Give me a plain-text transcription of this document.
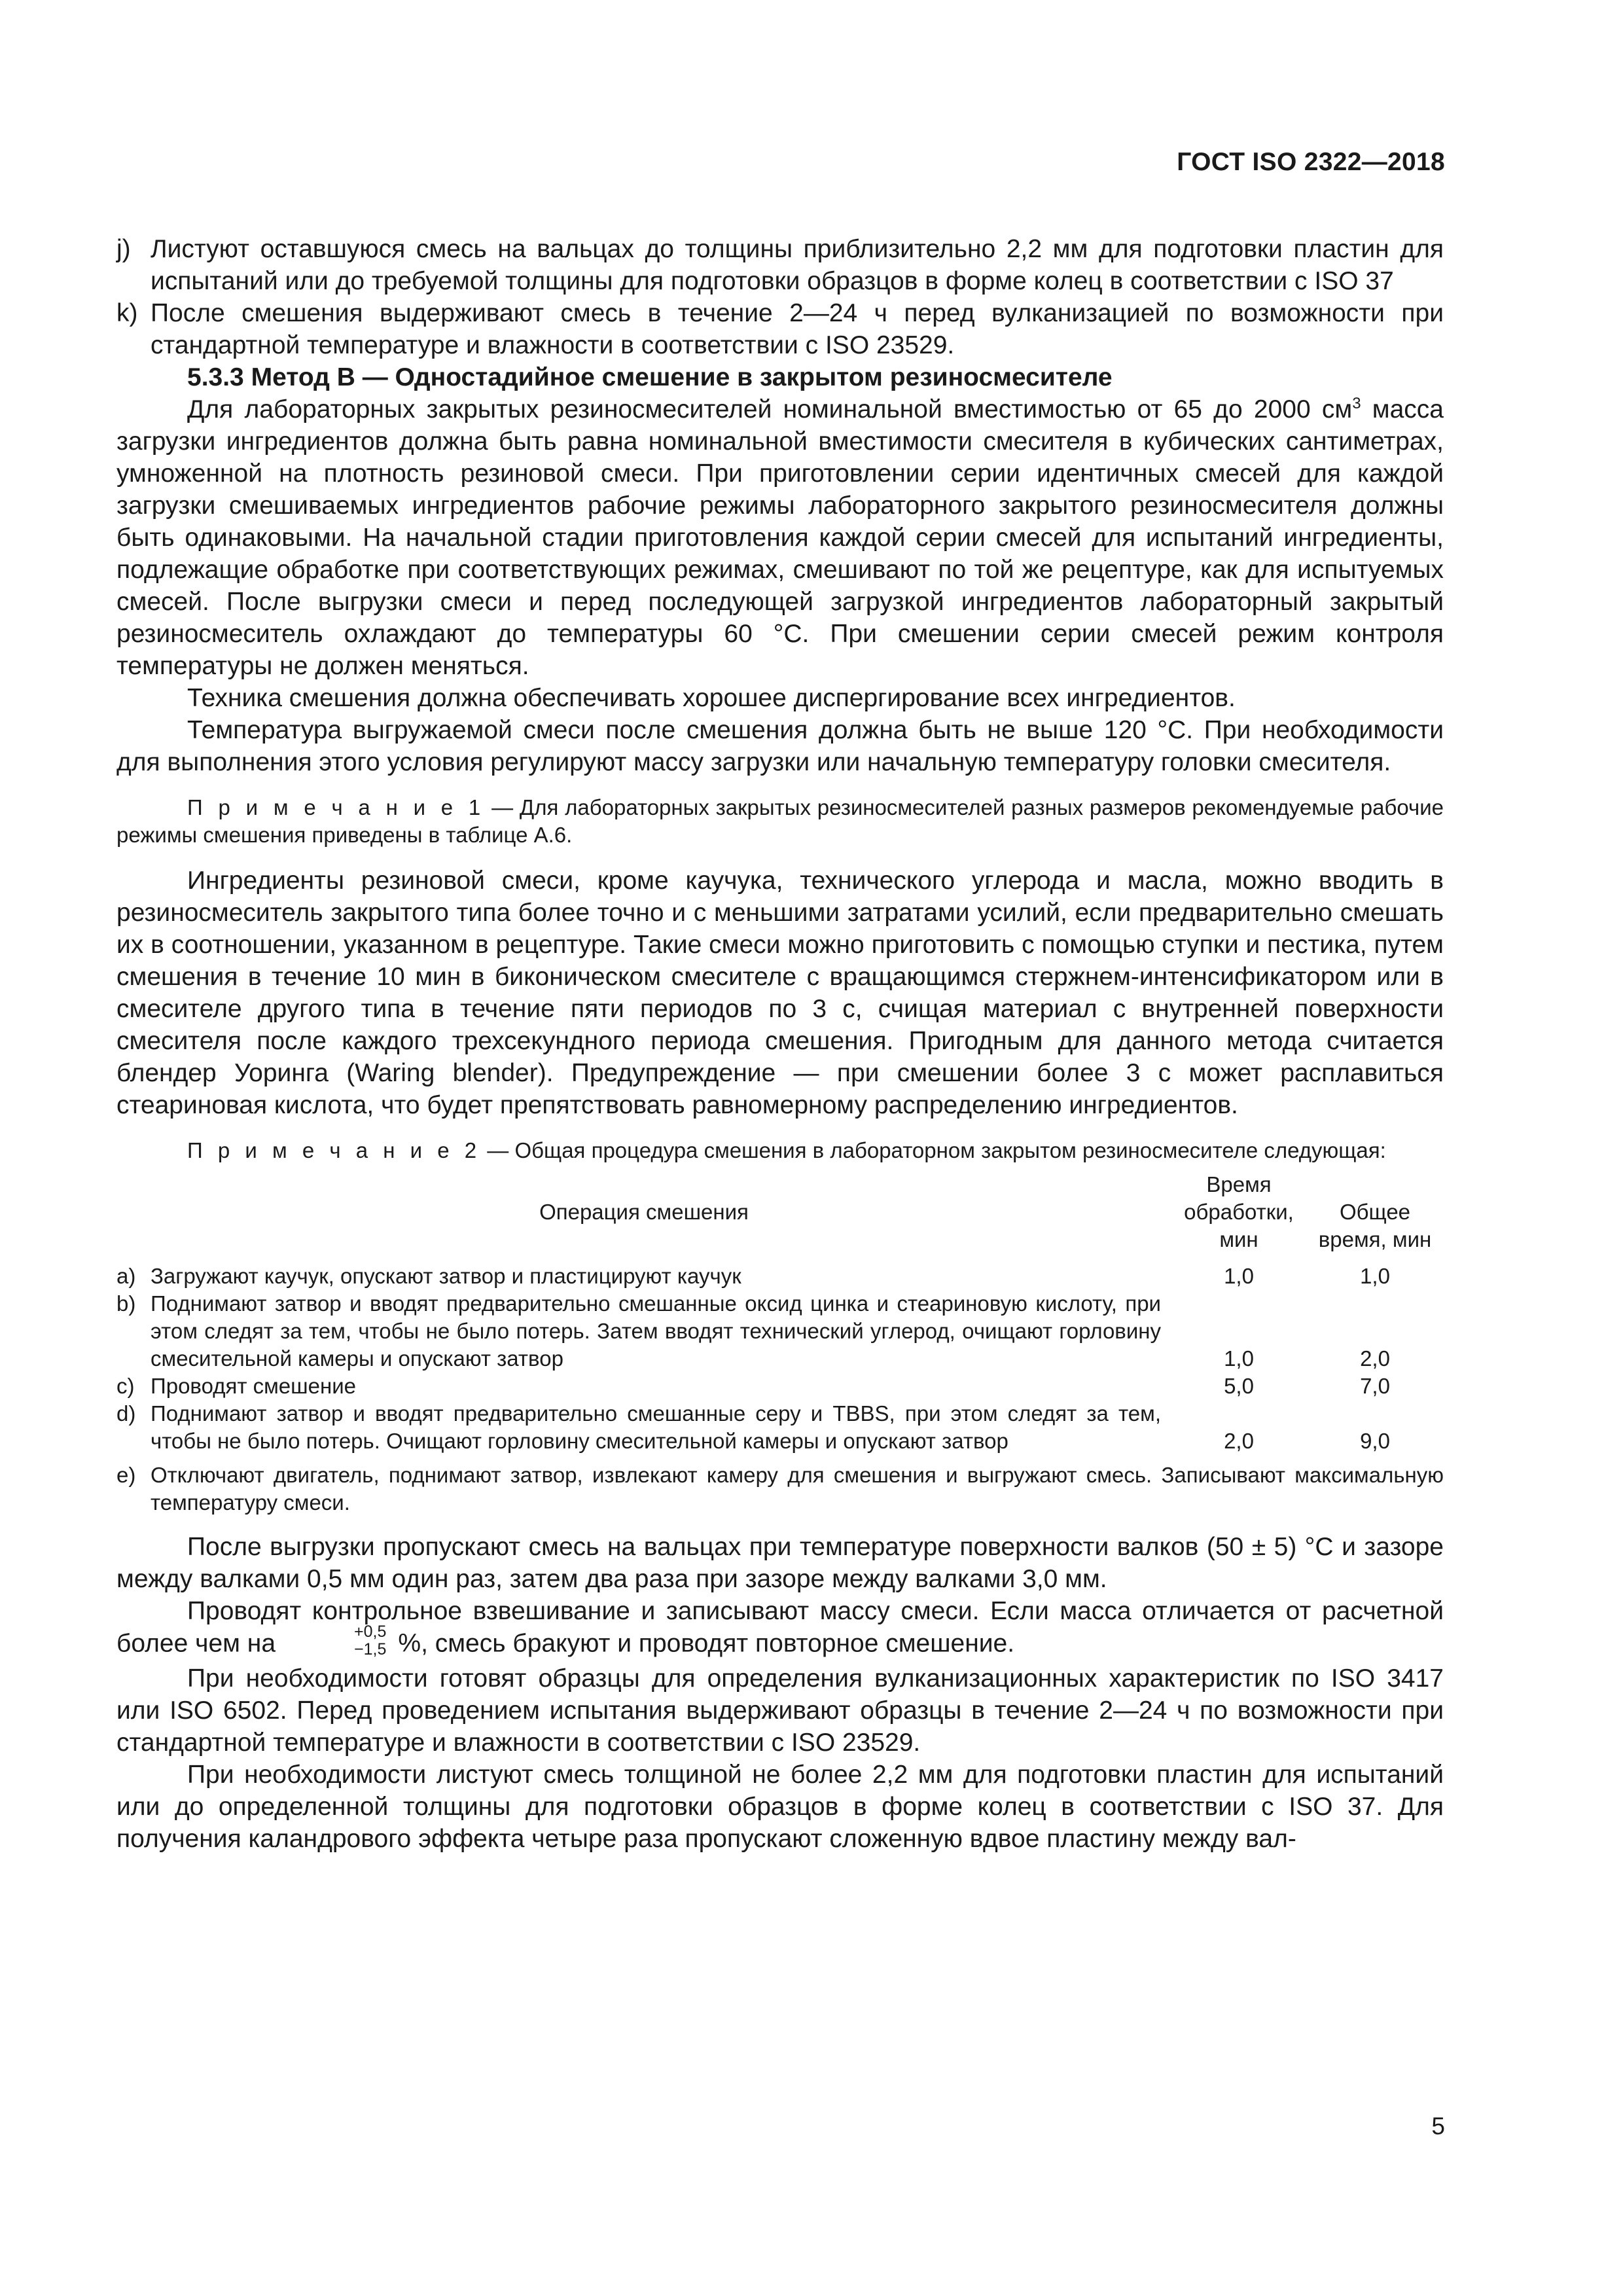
ГОСТ ISO 2322—2018
j) Листуют оставшуюся смесь на вальцах до толщины приблизительно 2,2 мм для подготовки пластин для испытаний или до требуемой толщины для подготовки образцов в форме колец в соответствии с ISO 37
k) После смешения выдерживают смесь в течение 2—24 ч перед вулканизацией по возможности при стандартной температуре и влажности в соответствии с ISO 23529.

5.3.3 Метод В — Одностадийное смешение в закрытом резиносмесителе

Для лабораторных закрытых резиносмесителей номинальной вместимостью от 65 до 2000 $см^3$ масса загрузки ингредиентов должна быть равна номинальной вместимости смесителя в кубических сантиметрах, умноженной на плотность резиновой смеси. При приготовлении серии идентичных смесей для каждой загрузки смешиваемых ингредиентов рабочие режимы лабораторного закрытого резиносмесителя должны быть одинаковыми. На начальной стадии приготовления каждой серии смесей для испытаний ингредиенты, подлежащие обработке при соответствующих режимах, смешивают по той же рецептуре, как для испытуемых смесей. После выгрузки смеси и перед последующей загрузкой ингредиентов лабораторный закрытый резиносмеситель охлаждают до температуры 60 °C. При смешении серии смесей режим контроля температуры не должен меняться.

Техника смешения должна обеспечивать хорошее диспергирование всех ингредиентов.

Температура выгружаемой смеси после смешения должна быть не выше 120 °C. При необходимости для выполнения этого условия регулируют массу загрузки или начальную температуру головки смесителя.

П р и м е ч а н и е 1 — Для лабораторных закрытых резиносмесителей разных размеров рекомендуемые рабочие режимы смешения приведены в таблице А.6.

Ингредиенты резиновой смеси, кроме каучука, технического углерода и масла, можно вводить в резиносмеситель закрытого типа более точно и с меньшими затратами усилий, если предварительно смешать их в соотношении, указанном в рецептуре. Такие смеси можно приготовить с помощью ступки и пестика, путем смешения в течение 10 мин в биконическом смесителе с вращающимся стержнем-интенсификатором или в смесителе другого типа в течение пяти периодов по 3 с, счищая материал с внутренней поверхности смесителя после каждого трехсекундного периода смешения. Пригодным для данного метода считается блендер Уоринга (Waring blender). Предупреждение — при смешении более 3 с может расплавиться стеариновая кислота, что будет препятствовать равномерному распределению ингредиентов.

П р и м е ч а н и е 2 — Общая процедура смешения в лабораторном закрытом резиносмесителе следующая:

Операция смешения	Время обработки, мин	Общее время, мин

a) Загружают каучук, опускают затвор и пластицируют каучук	1,0	1,0

b) Поднимают затвор и вводят предварительно смешанные оксид цинка и стеариновую кислоту, при этом следят за тем, чтобы не было потерь. Затем вводят технический углерод, очищают горловину смесительной камеры и опускают затвор	1,0	2,0

c) Проводят смешение	5,0	7,0

d) Поднимают затвор и вводят предварительно смешанные серу и TBBS, при этом следят за тем, чтобы не было потерь. Очищают горловину смесительной камеры и опускают затвор	2,0	9,0
e) Отключают двигатель, поднимают затвор, извлекают камеру для смешения и выгружают смесь. Записывают максимальную температуру смеси.

После выгрузки пропускают смесь на вальцах при температуре поверхности валков (50 ± 5) °C и зазоре между валками 0,5 мм один раз, затем два раза при зазоре между валками 3,0 мм.

Проводят контрольное взвешивание и записывают массу смеси. Если масса отличается от расчетной более чем на	+0,5
−1,5 %, смесь бракуют и проводят повторное смешение.

При необходимости готовят образцы для определения вулканизационных характеристик по ISO 3417 или ISO 6502. Перед проведением испытания выдерживают образцы в течение 2—24 ч по возможности при стандартной температуре и влажности в соответствии с ISO 23529.

При необходимости листуют смесь толщиной не более 2,2 мм для подготовки пластин для испытаний или до определенной толщины для подготовки образцов в форме колец в соответствии с ISO 37. Для получения каландрового эффекта четыре раза пропускают сложенную вдвое пластину между вал-

5
